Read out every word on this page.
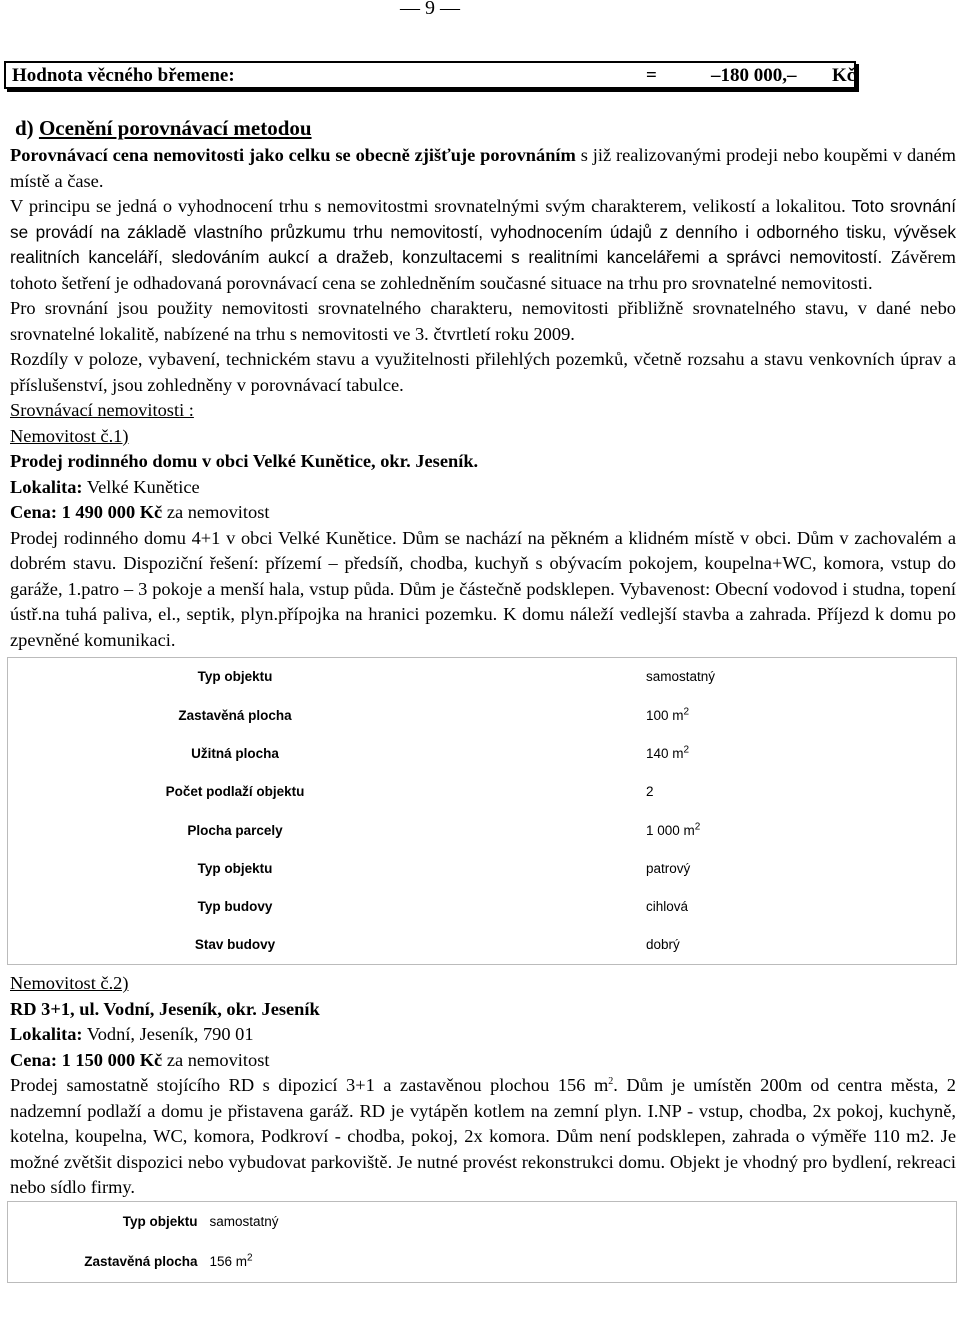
— 9 —
Hodnota věcného břemene:	=	–180 000,– Kč
d) Ocenění porovnávací metodou

Porovnávací cena nemovitosti jako celku se obecně zjišťuje porovnáním s již realizovanými prodeji nebo koupěmi v daném místě a čase.

V principu se jedná o vyhodnocení trhu s nemovitostmi srovnatelnými svým charakterem, velikostí a lokalitou. Toto srovnání se provádí na základě vlastního průzkumu trhu nemovitostí, vyhodnocením údajů z denního i odborného tisku, vývěsek realitních kanceláří, sledováním aukcí a dražeb, konzultacemi s realitními kancelářemi a správci nemovitostí. Závěrem tohoto šetření je odhadovaná porovnávací cena se zohledněním současné situace na trhu pro srovnatelné nemovitosti.

Pro srovnání jsou použity nemovitosti srovnatelného charakteru, nemovitosti přibližně srovnatelného stavu, v dané nebo srovnatelné lokalitě, nabízené na trhu s nemovitosti ve 3. čtvrtletí roku 2009.

Rozdíly v poloze, vybavení, technickém stavu a využitelnosti přilehlých pozemků, včetně rozsahu a stavu venkovních úprav a příslušenství, jsou zohledněny v porovnávací tabulce.

Srovnávací nemovitosti :

Nemovitost č.1)

Prodej rodinného domu v obci Velké Kunětice, okr. Jeseník.

Lokalita: Velké Kunětice

Cena: 1 490 000 Kč za nemovitost

Prodej rodinného domu 4+1 v obci Velké Kunětice. Dům se nachází na pěkném a klidném místě v obci. Dům v zachovalém a dobrém stavu. Dispoziční řešení: přízemí – předsíň, chodba, kuchyň s obývacím pokojem, koupelna+WC, komora, vstup do garáže, 1.patro – 3 pokoje a menší hala, vstup půda. Dům je částečně podsklepen. Vybavenost: Obecní vodovod i studna, topení ústř.na tuhá paliva, el., septik, plyn.přípojka na hranici pozemku. K domu náleží vedlejší stavba a zahrada. Příjezd k domu po zpevněné komunikaci.

Typ objektu	samostatný
Zastavěná plocha	100 $m^2$
Užitná plocha	140 $m^2$
Počet podlaží objektu	2
Plocha parcely	1 000 $m^2$
Typ objektu	patrový
Typ budovy	cihlová
Stav budovy	dobrý

Nemovitost č.2)

RD 3+1, ul. Vodní, Jeseník, okr. Jeseník

Lokalita: Vodní, Jeseník, 790 01

Cena: 1 150 000 Kč za nemovitost

Prodej samostatně stojícího RD s dipozicí 3+1 a zastavěnou plochou 156 $m^2$. Dům je umístěn 200m od centra města, 2 nadzemní podlaží a domu je přistavena garáž. RD je vytápěn kotlem na zemní plyn. I.NP - vstup, chodba, 2x pokoj, kuchyně, kotelna, koupelna, WC, komora, Podkroví - chodba, pokoj, 2x komora. Dům není podsklepen, zahrada o výměře 110 m2. Je možné zvětšit dispozici nebo vybudovat parkoviště. Je nutné provést rekonstrukci domu. Objekt je vhodný pro bydlení, rekreaci nebo sídlo firmy.

Typ objektu	samostatný
Zastavěná plocha	156 $m^2$
